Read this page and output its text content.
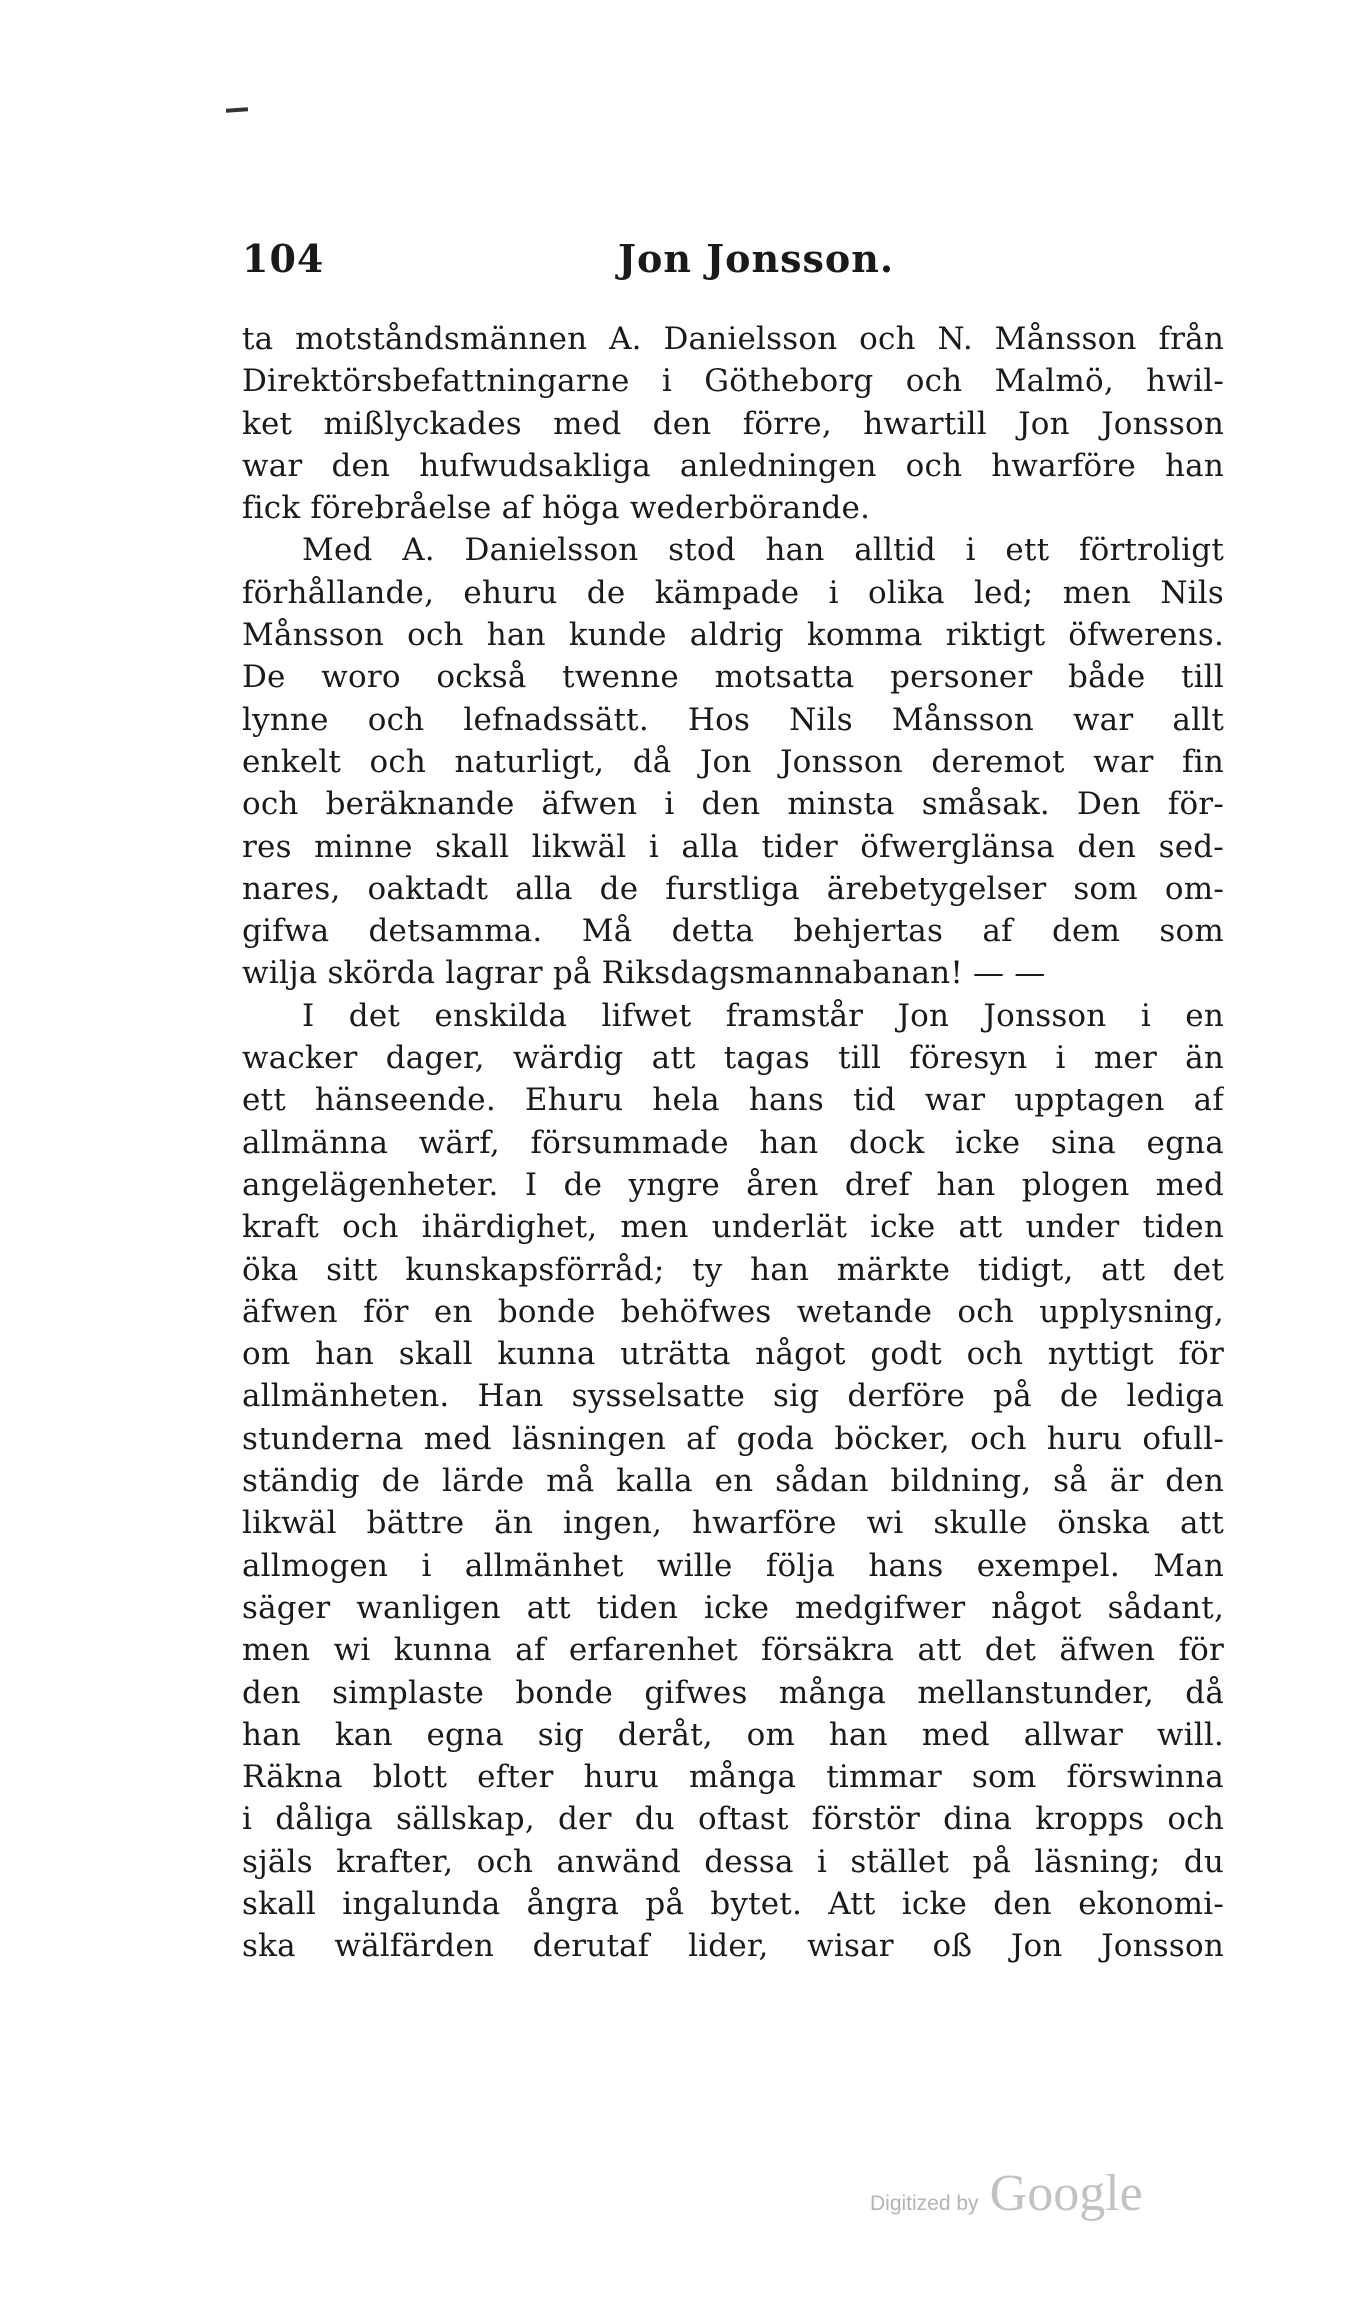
104	Jon Jonsson.
ta motståndsmännen A. Danielsson och N. Månsson från
Direktörsbefattningarne i Götheborg och Malmö, hwil-
ket mißlyckades med den förre, hwartill Jon Jonsson
war den hufwudsakliga anledningen och hwarföre han
fick förebråelse af höga wederbörande.
Med A. Danielsson stod han alltid i ett förtroligt
förhållande, ehuru de kämpade i olika led; men Nils
Månsson och han kunde aldrig komma riktigt öfwerens.
De woro också twenne motsatta personer både till
lynne och lefnadssätt. Hos Nils Månsson war allt
enkelt och naturligt, då Jon Jonsson deremot war fin
och beräknande äfwen i den minsta småsak. Den för-
res minne skall likwäl i alla tider öfwerglänsa den sed-
nares, oaktadt alla de furstliga ärebetygelser som om-
gifwa detsamma. Må detta behjertas af dem som
wilja skörda lagrar på Riksdagsmannabanan! — —
I det enskilda lifwet framstår Jon Jonsson i en
wacker dager, wärdig att tagas till föresyn i mer än
ett hänseende. Ehuru hela hans tid war upptagen af
allmänna wärf, försummade han dock icke sina egna
angelägenheter. I de yngre åren dref han plogen med
kraft och ihärdighet, men underlät icke att under tiden
öka sitt kunskapsförråd; ty han märkte tidigt, att det
äfwen för en bonde behöfwes wetande och upplysning,
om han skall kunna uträtta något godt och nyttigt för
allmänheten. Han sysselsatte sig derföre på de lediga
stunderna med läsningen af goda böcker, och huru ofull-
ständig de lärde må kalla en sådan bildning, så är den
likwäl bättre än ingen, hwarföre wi skulle önska att
allmogen i allmänhet wille följa hans exempel. Man
säger wanligen att tiden icke medgifwer något sådant,
men wi kunna af erfarenhet försäkra att det äfwen för
den simplaste bonde gifwes många mellanstunder, då
han kan egna sig deråt, om han med allwar will.
Räkna blott efter huru många timmar som förswinna
i dåliga sällskap, der du oftast förstör dina kropps och
själs krafter, och anwänd dessa i stället på läsning; du
skall ingalunda ångra på bytet. Att icke den ekonomi-
ska wälfärden derutaf lider, wisar oß Jon Jonsson
Digitized by Google
